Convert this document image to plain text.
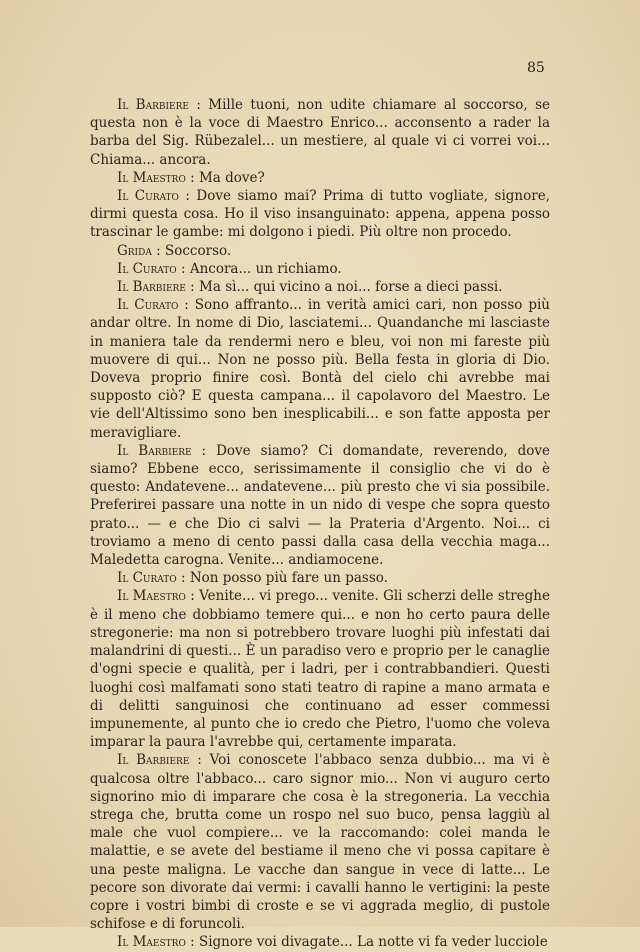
85

Il Barbiere : Mille tuoni, non udite chiamare al soccorso, se questa non è la voce di Maestro Enrico... acconsento a rader la barba del Sig. Rübezalel... un mestiere, al quale vi ci vorrei voi... Chiama... ancora.

Il Maestro : Ma dove?

Il Curato : Dove siamo mai? Prima di tutto vogliate, signore, dirmi questa cosa. Ho il viso insanguinato: appena, appena posso trascinar le gambe: mi dolgono i piedi. Più oltre non procedo.

Grida : Soccorso.

Il Curato : Ancora... un richiamo.

Il Barbiere : Ma sì... qui vicino a noi... forse a dieci passi.

Il Curato : Sono affranto... in verità amici cari, non posso più andar oltre. In nome di Dio, lasciatemi... Quandanche mi lasciaste in maniera tale da rendermi nero e bleu, voi non mi fareste più muovere di qui... Non ne posso più. Bella festa in gloria di Dio. Doveva proprio finire così. Bontà del cielo chi avrebbe mai supposto ciò? E questa campana... il capolavoro del Maestro. Le vie dell'Altissimo sono ben inesplicabili... e son fatte apposta per meravigliare.

Il Barbiere : Dove siamo? Ci domandate, reverendo, dove siamo? Ebbene ecco, serissimamente il consiglio che vi do è questo: Andatevene... andatevene... più presto che vi sia possibile. Preferirei passare una notte in un nido di vespe che sopra questo prato... — e che Dio ci salvi — la Prateria d'Argento. Noi... ci troviamo a meno di cento passi dalla casa della vecchia maga... Maledetta carogna. Venite... andiamocene.

Il Curato : Non posso più fare un passo.

Il Maestro : Venite... vi prego... venite. Gli scherzi delle streghe è il meno che dobbiamo temere qui... e non ho certo paura delle stregonerie: ma non si potrebbero trovare luoghi più infestati dai malandrini di questi... È un paradiso vero e proprio per le canaglie d'ogni specie e qualità, per i ladri, per i contrabbandieri. Questi luoghi così malfamati sono stati teatro di rapine a mano armata e di delitti sanguinosi che continuano ad esser commessi impunemente, al punto che io credo che Pietro, l'uomo che voleva imparar la paura l'avrebbe qui, certamente imparata.

Il Barbiere : Voi conoscete l'abbaco senza dubbio... ma vi è qualcosa oltre l'abbaco... caro signor mio... Non vi auguro certo signorino mio di imparare che cosa è la stregoneria. La vecchia strega che, brutta come un rospo nel suo buco, pensa laggiù al male che vuol compiere... ve la raccomando: colei manda le malattie, e se avete del bestiame il meno che vi possa capitare è una peste maligna. Le vacche dan sangue in vece di latte... Le pecore son divorate dai vermi: i cavalli hanno le vertigini: la peste copre i vostri bimbi di croste e se vi aggrada meglio, di pustole schifose e di foruncoli.

Il Maestro : Signore voi divagate... La notte vi fa veder lucciole
